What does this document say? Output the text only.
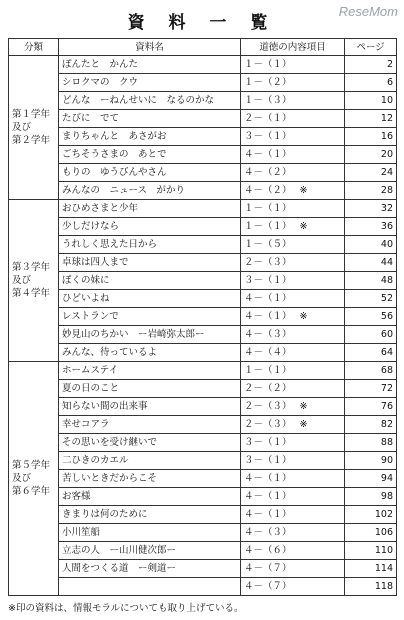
資 料 一 覧
ReseMom
分類	資料名	道徳の内容項目	ページ

第１学年
及び
第２学年	ぽんたと　かんた	１－（１）	2
	シロクマの　クウ	１－（２）	6
	どんな　ーねんせいに　なるのかな	１－（３）	10
	たびに　でて	２－（１）	12
	まりちゃんと　あさがお	３－（１）	16
	ごちそうさまの　あとで	４－（１）	20
	もりの　ゆうびんやさん	４－（２）	24
	みんなの　ニュース　がかり	４－（２） ※	28

第３学年
及び
第４学年	おひめさまと少年	１－（１）	32
	少しだけなら	１－（１） ※	36
	うれしく思えた日から	１－（５）	40
	卓球は四人まで	２－（３）	44
	ぼくの妹に	３－（１）	48
	ひどいよね	４－（１）	52
	レストランで	４－（１） ※	56
	妙見山のちかい　ー岩崎弥太郎ー	４－（３）	60
	みんな、待っているよ	４－（４）	64

第５学年
及び
第６学年	ホームステイ	１－（１）	68
	夏の日のこと	２－（２）	72
	知らない間の出来事	２－（３） ※	76
	幸せコアラ	２－（３） ※	82
	その思いを受け継いで	３－（１）	88
	二ひきのカエル	３－（１）	90
	苦しいときだからこそ	４－（１）	94
	お客様	４－（１）	98
	きまりは何のために	４－（１）	102
	小川笙船	４－（３）	106
	立志の人　ー山川健次郎ー	４－（６）	110
	人間をつくる道　ー剣道ー	４－（７）	114
		４－（７）	118
※印の資料は、情報モラルについても取り上げている。
